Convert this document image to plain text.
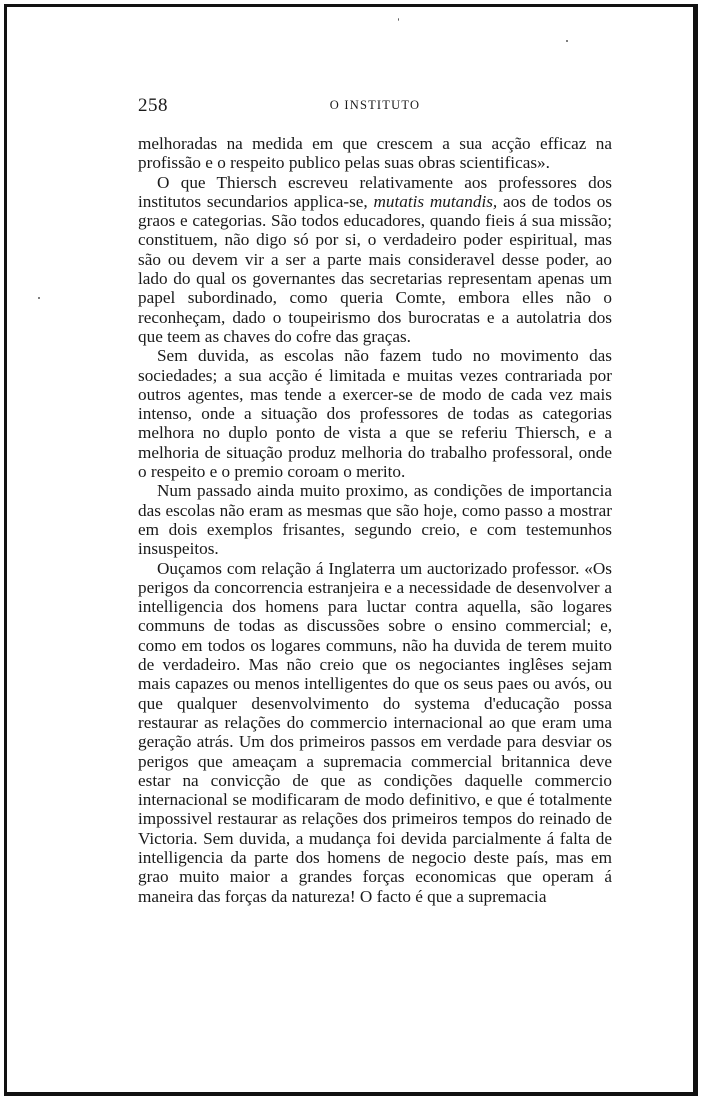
258	O INSTITUTO

melhoradas na medida em que crescem a sua acção efficaz na profissão e o respeito publico pelas suas obras scientificas».

O que Thiersch escreveu relativamente aos professores dos institutos secundarios applica-se, mutatis mutandis, aos de todos os graos e categorias. São todos educadores, quando fieis á sua missão; constituem, não digo só por si, o verdadeiro poder espiritual, mas são ou devem vir a ser a parte mais consideravel desse poder, ao lado do qual os governantes das secretarias representam apenas um papel subordinado, como queria Comte, embora elles não o reconheçam, dado o toupeirismo dos burocratas e a autolatria dos que teem as chaves do cofre das graças.

Sem duvida, as escolas não fazem tudo no movimento das sociedades; a sua acção é limitada e muitas vezes contrariada por outros agentes, mas tende a exercer-se de modo de cada vez mais intenso, onde a situação dos professores de todas as categorias melhora no duplo ponto de vista a que se referiu Thiersch, e a melhoria de situação produz melhoria do trabalho professoral, onde o respeito e o premio coroam o merito.

Num passado ainda muito proximo, as condições de importancia das escolas não eram as mesmas que são hoje, como passo a mostrar em dois exemplos frisantes, segundo creio, e com testemunhos insuspeitos.

Ouçamos com relação á Inglaterra um auctorizado professor. «Os perigos da concorrencia estranjeira e a necessidade de desenvolver a intelligencia dos homens para luctar contra aquella, são logares communs de todas as discussões sobre o ensino commercial; e, como em todos os logares communs, não ha duvida de terem muito de verdadeiro. Mas não creio que os negociantes inglêses sejam mais capazes ou menos intelligentes do que os seus paes ou avós, ou que qualquer desenvolvimento do systema d'educação possa restaurar as relações do commercio internacional ao que eram uma geração atrás. Um dos primeiros passos em verdade para desviar os perigos que ameaçam a supremacia commercial britannica deve estar na convicção de que as condições daquelle commercio internacional se modificaram de modo definitivo, e que é totalmente impossivel restaurar as relações dos primeiros tempos do reinado de Victoria. Sem duvida, a mudança foi devida parcialmente á falta de intelligencia da parte dos homens de negocio deste país, mas em grao muito maior a grandes forças economicas que operam á maneira das forças da natureza! O facto é que a supremacia
